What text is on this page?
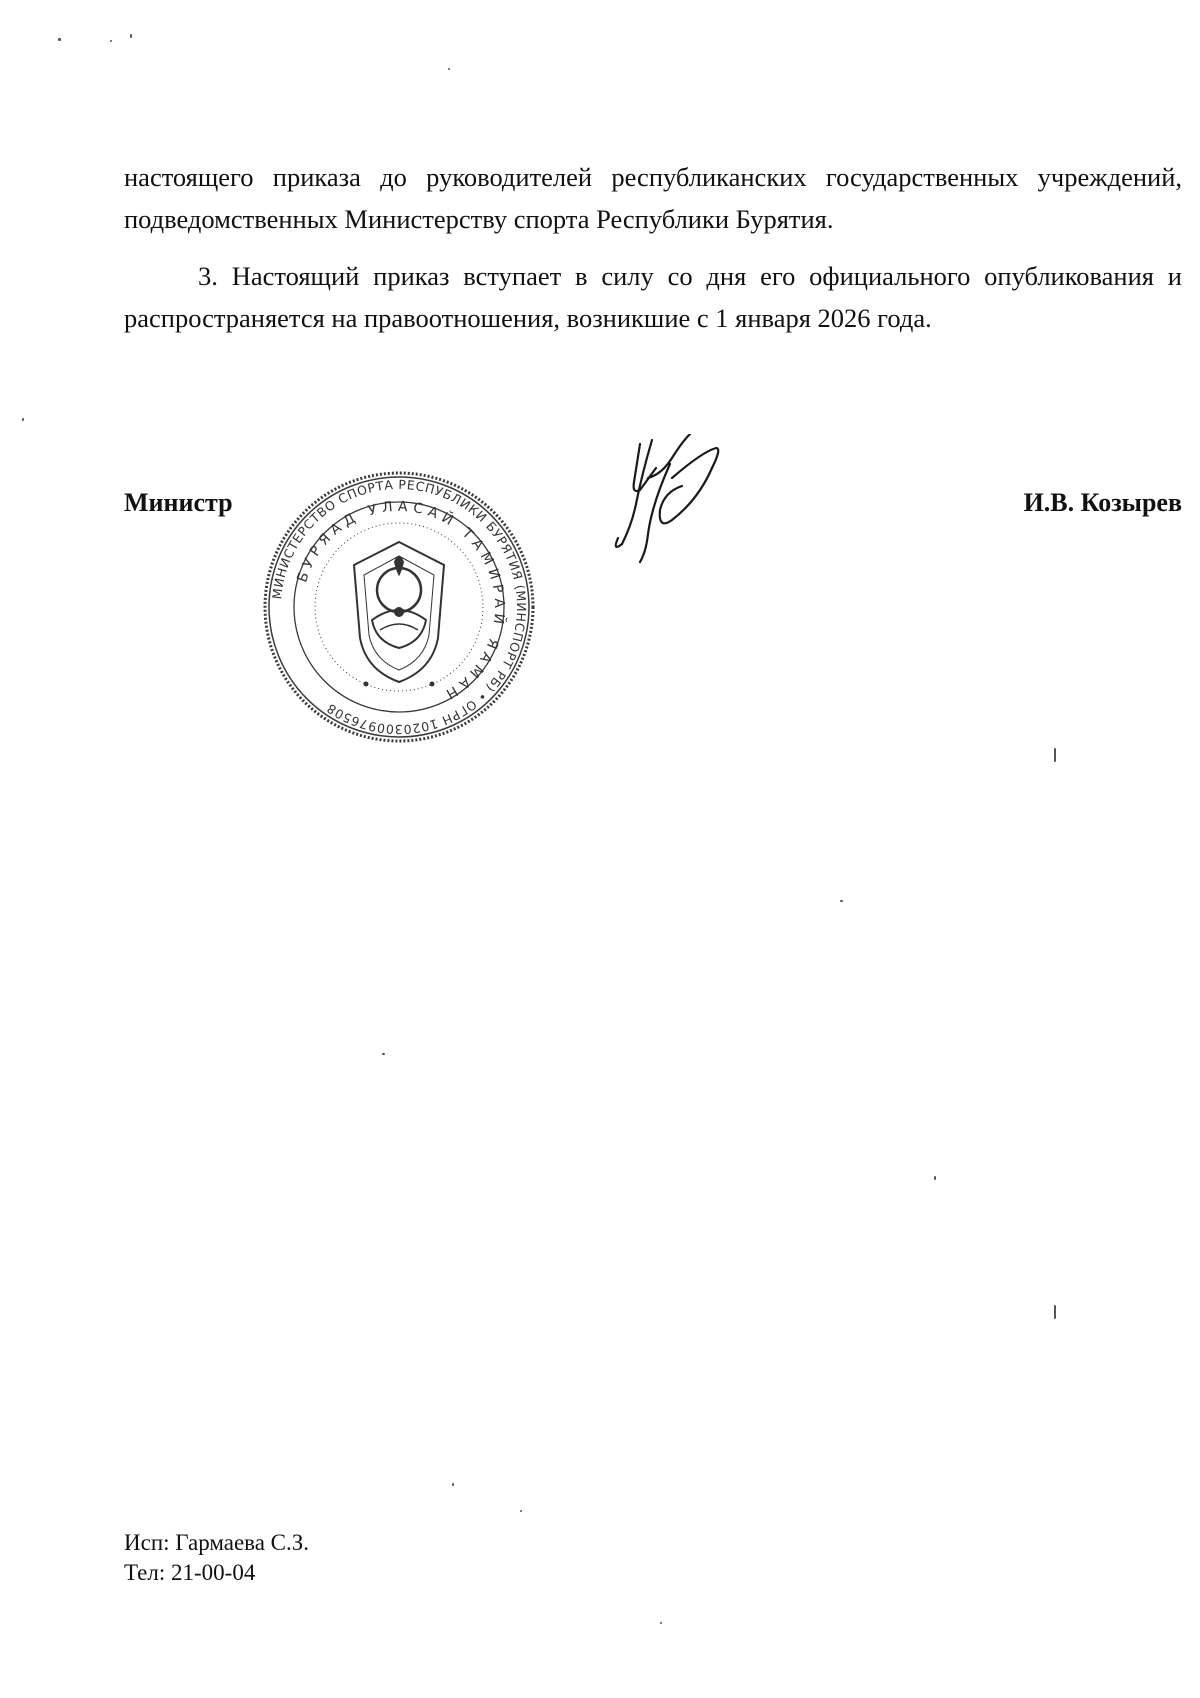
настоящего приказа до руководителей республиканских государственных учреждений, подведомственных Министерству спорта Республики Бурятия.

3. Настоящий приказ вступает в силу со дня его официального опубликования и распространяется на правоотношения, возникшие с 1 января 2026 года.

Министр	И.В. Козырев
МИНИСТЕРСТВО СПОРТА РЕСПУБЛИКИ БУРЯТИЯ (МИНСПОРТ РБ) • ОГРН 1020300976508
БУРЯАД УЛАСАЙ ТАМИРАЙ ЯАМАН
Исп: Гармаева С.З.
Тел: 21-00-04
